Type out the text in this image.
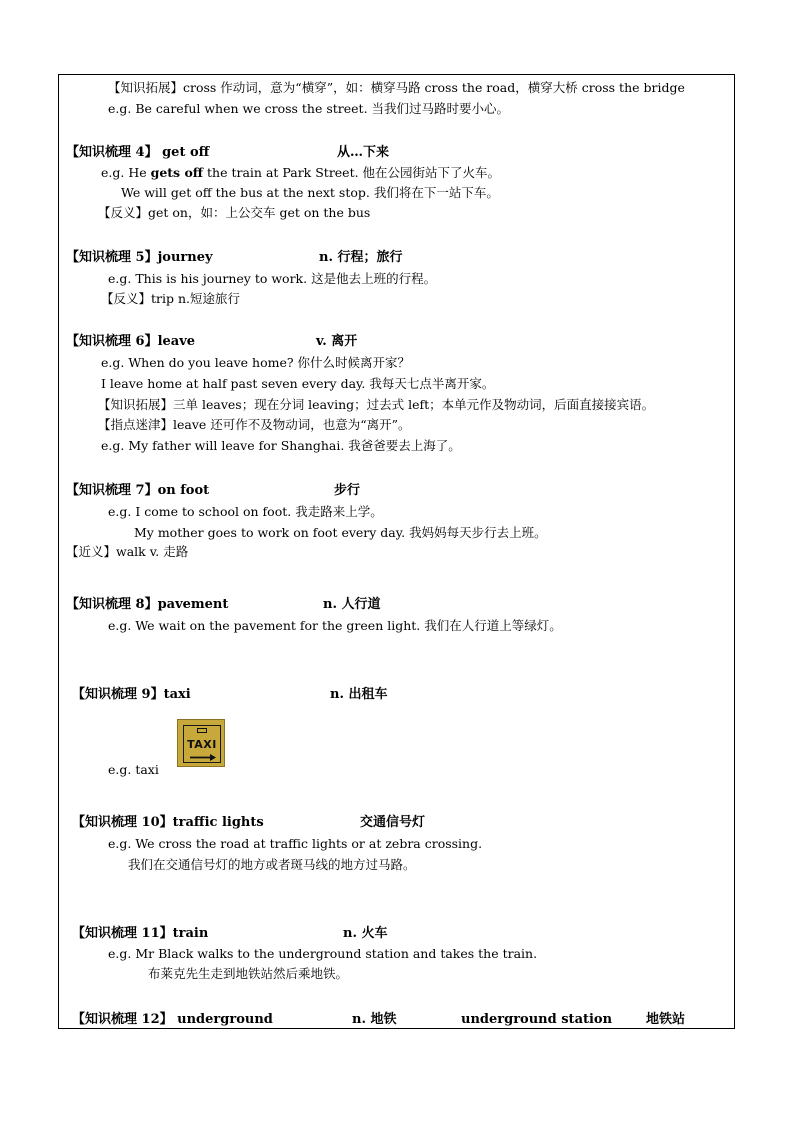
【知识拓展】cross 作动词，意为“横穿”，如：横穿马路 cross the road，横穿大桥 cross the bridge
e.g. Be careful when we cross the street. 当我们过马路时要小心。
【知识梳理 4】 get off	从…下来
e.g. He gets off the train at Park Street. 他在公园街站下了火车。
We will get off the bus at the next stop. 我们将在下一站下车。
【反义】get on，如：上公交车 get on the bus
【知识梳理 5】journey	n. 行程；旅行
e.g. This is his journey to work. 这是他去上班的行程。
【反义】trip n.短途旅行
【知识梳理 6】leave	v. 离开
e.g. When do you leave home? 你什么时候离开家？
I leave home at half past seven every day. 我每天七点半离开家。
【知识拓展】三单 leaves；现在分词 leaving；过去式 left；本单元作及物动词，后面直接接宾语。
【指点迷津】leave 还可作不及物动词，也意为“离开”。
e.g. My father will leave for Shanghai. 我爸爸要去上海了。
【知识梳理 7】on foot	步行
e.g. I come to school on foot. 我走路来上学。
My mother goes to work on foot every day. 我妈妈每天步行去上班。
【近义】walk v. 走路
【知识梳理 8】pavement	n. 人行道
e.g. We wait on the pavement for the green light. 我们在人行道上等绿灯。
【知识梳理 9】taxi	n. 出租车
TAXI
e.g. taxi
【知识梳理 10】traffic lights	交通信号灯
e.g. We cross the road at traffic lights or at zebra crossing.
我们在交通信号灯的地方或者斑马线的地方过马路。
【知识梳理 11】train	n. 火车
e.g. Mr Black walks to the underground station and takes the train.
布莱克先生走到地铁站然后乘地铁。
【知识梳理 12】 underground	n. 地铁	underground station	地铁站
